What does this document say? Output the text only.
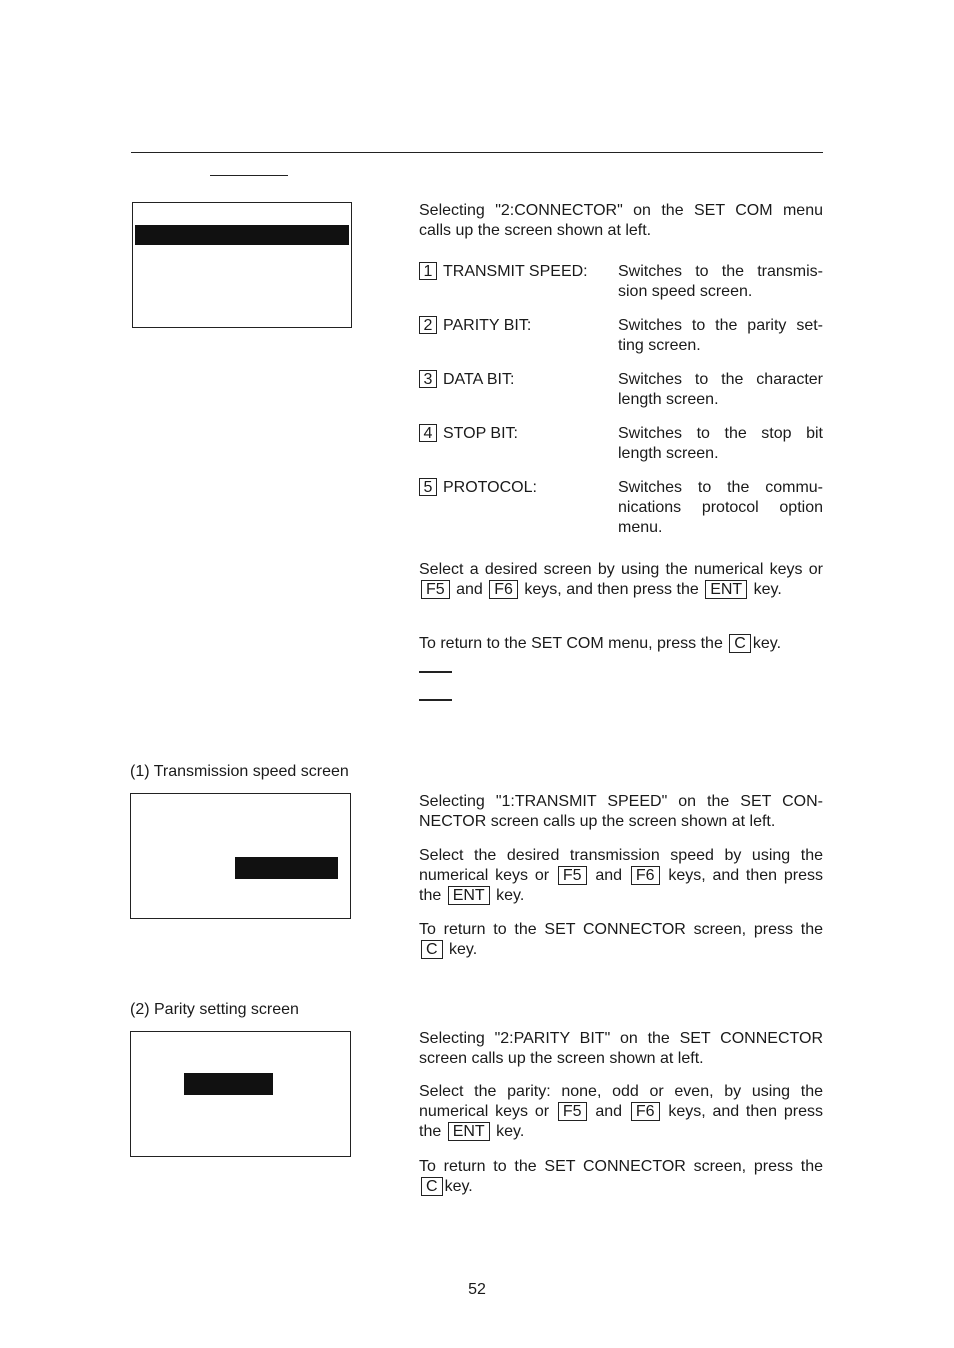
Selecting "2:CONNECTOR" on the SET COM menu calls up the screen shown at left.
1 TRANSMIT SPEED:	Switches to the transmis-sion speed screen.
2 PARITY BIT:	Switches to the parity set-ting screen.
3 DATA BIT:	Switches to the character length screen.
4 STOP BIT:	Switches to the stop bit length screen.
5 PROTOCOL:	Switches to the commu-nications protocol option menu.
Select a desired screen by using the numerical keys or F5 and F6 keys, and then press the ENT key.
To return to the SET COM menu, press the C key.
(1) Transmission speed screen
Selecting "1:TRANSMIT SPEED" on the SET CON-NECTOR screen calls up the screen shown at left.
Select the desired transmission speed by using the numerical keys or F5 and F6 keys, and then press the ENT key.
To return to the SET CONNECTOR screen, press the C key.
(2) Parity setting screen
Selecting "2:PARITY BIT" on the SET CONNECTOR screen calls up the screen shown at left.
Select the parity: none, odd or even, by using the numerical keys or F5 and F6 keys, and then press the ENT key.
To return to the SET CONNECTOR screen, press the C key.
52
